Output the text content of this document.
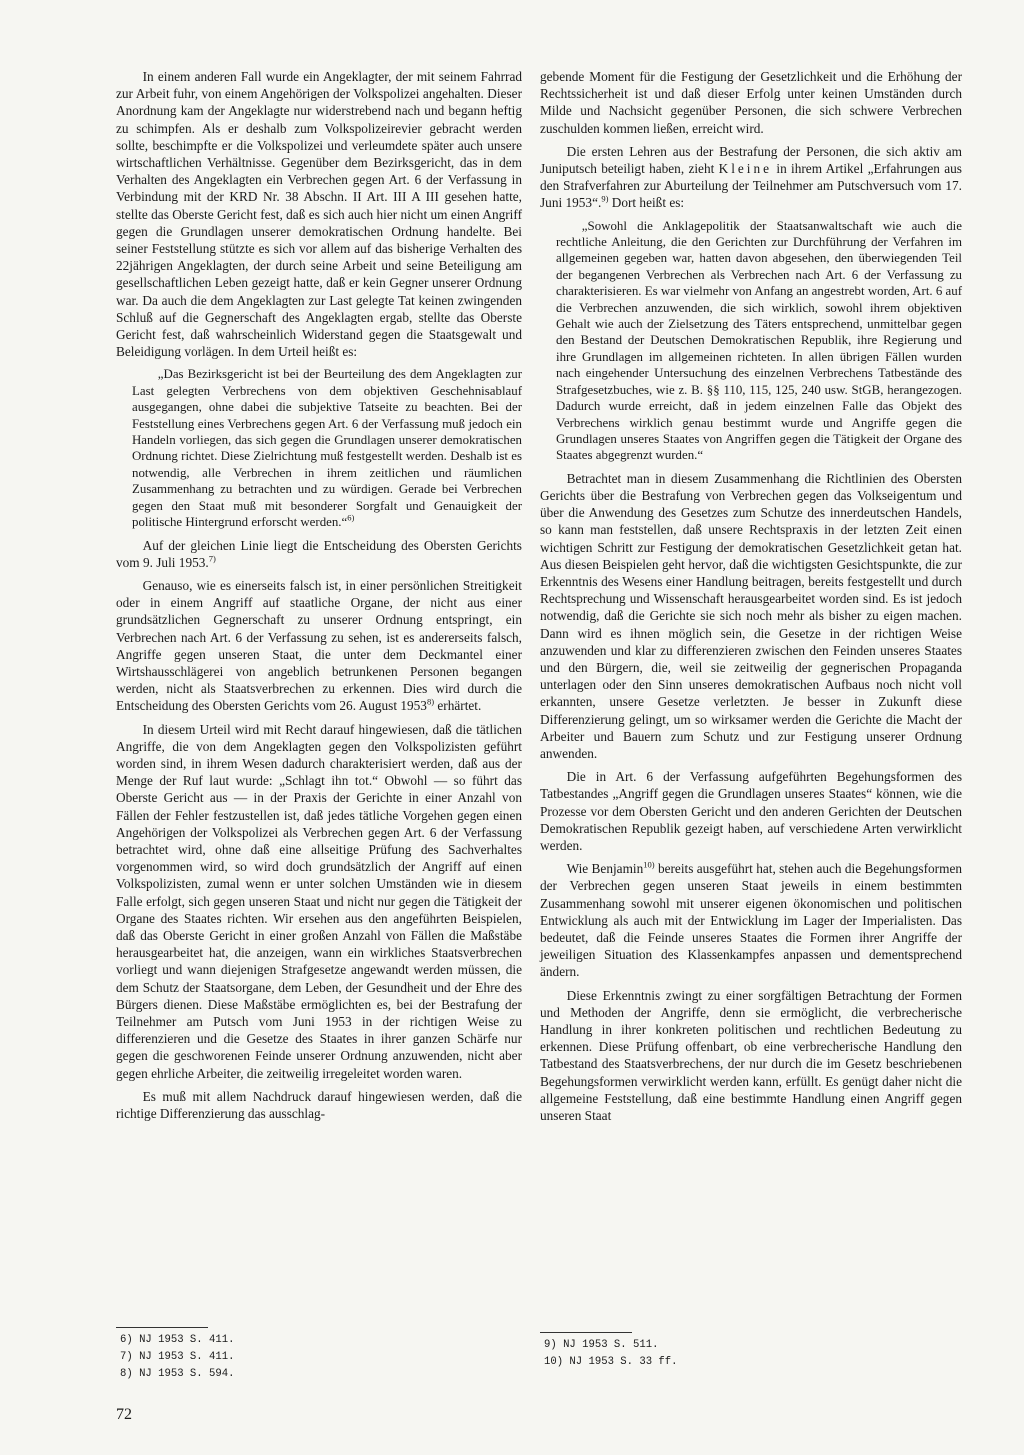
In einem anderen Fall wurde ein Angeklagter, der mit seinem Fahrrad zur Arbeit fuhr, von einem Angehörigen der Volkspolizei angehalten. Dieser Anordnung kam der Angeklagte nur widerstrebend nach und begann heftig zu schimpfen. Als er deshalb zum Volkspolizeirevier gebracht werden sollte, beschimpfte er die Volkspolizei und verleumdete später auch unsere wirtschaftlichen Verhältnisse. Gegenüber dem Bezirksgericht, das in dem Verhalten des Angeklagten ein Verbrechen gegen Art. 6 der Verfassung in Verbindung mit der KRD Nr. 38 Abschn. II Art. III A III gesehen hatte, stellte das Oberste Gericht fest, daß es sich auch hier nicht um einen Angriff gegen die Grundlagen unserer demokratischen Ordnung handelte. Bei seiner Feststellung stützte es sich vor allem auf das bisherige Verhalten des 22jährigen Angeklagten, der durch seine Arbeit und seine Beteiligung am gesellschaftlichen Leben gezeigt hatte, daß er kein Gegner unserer Ordnung war. Da auch die dem Angeklagten zur Last gelegte Tat keinen zwingenden Schluß auf die Gegnerschaft des Angeklagten ergab, stellte das Oberste Gericht fest, daß wahrscheinlich Widerstand gegen die Staatsgewalt und Beleidigung vorlägen. In dem Urteil heißt es:

„Das Bezirksgericht ist bei der Beurteilung des dem Angeklagten zur Last gelegten Verbrechens von dem objektiven Geschehnisablauf ausgegangen, ohne dabei die subjektive Tatseite zu beachten. Bei der Feststellung eines Verbrechens gegen Art. 6 der Verfassung muß jedoch ein Handeln vorliegen, das sich gegen die Grundlagen unserer demokratischen Ordnung richtet. Diese Zielrichtung muß festgestellt werden. Deshalb ist es notwendig, alle Verbrechen in ihrem zeitlichen und räumlichen Zusammenhang zu betrachten und zu würdigen. Gerade bei Verbrechen gegen den Staat muß mit besonderer Sorgfalt und Genauigkeit der politische Hintergrund erforscht werden.“$^{6)}$

Auf der gleichen Linie liegt die Entscheidung des Obersten Gerichts vom 9. Juli 1953.$^{7)}$

Genauso, wie es einerseits falsch ist, in einer persönlichen Streitigkeit oder in einem Angriff auf staatliche Organe, der nicht aus einer grundsätzlichen Gegnerschaft zu unserer Ordnung entspringt, ein Verbrechen nach Art. 6 der Verfassung zu sehen, ist es andererseits falsch, Angriffe gegen unseren Staat, die unter dem Deckmantel einer Wirtshausschlägerei von angeblich betrunkenen Personen begangen werden, nicht als Staatsverbrechen zu erkennen. Dies wird durch die Entscheidung des Obersten Gerichts vom 26. August 1953$^{8)}$ erhärtet.

In diesem Urteil wird mit Recht darauf hingewiesen, daß die tätlichen Angriffe, die von dem Angeklagten gegen den Volkspolizisten geführt worden sind, in ihrem Wesen dadurch charakterisiert werden, daß aus der Menge der Ruf laut wurde: „Schlagt ihn tot.“ Obwohl — so führt das Oberste Gericht aus — in der Praxis der Gerichte in einer Anzahl von Fällen der Fehler festzustellen ist, daß jedes tätliche Vorgehen gegen einen Angehörigen der Volkspolizei als Verbrechen gegen Art. 6 der Verfassung betrachtet wird, ohne daß eine allseitige Prüfung des Sachverhaltes vorgenommen wird, so wird doch grundsätzlich der Angriff auf einen Volkspolizisten, zumal wenn er unter solchen Umständen wie in diesem Falle erfolgt, sich gegen unseren Staat und nicht nur gegen die Tätigkeit der Organe des Staates richten. Wir ersehen aus den angeführten Beispielen, daß das Oberste Gericht in einer großen Anzahl von Fällen die Maßstäbe herausgearbeitet hat, die anzeigen, wann ein wirkliches Staatsverbrechen vorliegt und wann diejenigen Strafgesetze angewandt werden müssen, die dem Schutz der Staatsorgane, dem Leben, der Gesundheit und der Ehre des Bürgers dienen. Diese Maßstäbe ermöglichten es, bei der Bestrafung der Teilnehmer am Putsch vom Juni 1953 in der richtigen Weise zu differenzieren und die Gesetze des Staates in ihrer ganzen Schärfe nur gegen die geschworenen Feinde unserer Ordnung anzuwenden, nicht aber gegen ehrliche Arbeiter, die zeitweilig irregeleitet worden waren.

Es muß mit allem Nachdruck darauf hingewiesen werden, daß die richtige Differenzierung das ausschlag-

gebende Moment für die Festigung der Gesetzlichkeit und die Erhöhung der Rechtssicherheit ist und daß dieser Erfolg unter keinen Umständen durch Milde und Nachsicht gegenüber Personen, die sich schwere Verbrechen zuschulden kommen ließen, erreicht wird.

Die ersten Lehren aus der Bestrafung der Personen, die sich aktiv am Juniputsch beteiligt haben, zieht Kleine in ihrem Artikel „Erfahrungen aus den Strafverfahren zur Aburteilung der Teilnehmer am Putschversuch vom 17. Juni 1953“.$^{9)}$ Dort heißt es:

„Sowohl die Anklagepolitik der Staatsanwaltschaft wie auch die rechtliche Anleitung, die den Gerichten zur Durchführung der Verfahren im allgemeinen gegeben war, hatten davon abgesehen, den überwiegenden Teil der begangenen Verbrechen als Verbrechen nach Art. 6 der Verfassung zu charakterisieren. Es war vielmehr von Anfang an angestrebt worden, Art. 6 auf die Verbrechen anzuwenden, die sich wirklich, sowohl ihrem objektiven Gehalt wie auch der Zielsetzung des Täters entsprechend, unmittelbar gegen den Bestand der Deutschen Demokratischen Republik, ihre Regierung und ihre Grundlagen im allgemeinen richteten. In allen übrigen Fällen wurden nach eingehender Untersuchung des einzelnen Verbrechens Tatbestände des Strafgesetzbuches, wie z. B. §§ 110, 115, 125, 240 usw. StGB, herangezogen. Dadurch wurde erreicht, daß in jedem einzelnen Falle das Objekt des Verbrechens wirklich genau bestimmt wurde und Angriffe gegen die Grundlagen unseres Staates von Angriffen gegen die Tätigkeit der Organe des Staates abgegrenzt wurden.“

Betrachtet man in diesem Zusammenhang die Richtlinien des Obersten Gerichts über die Bestrafung von Verbrechen gegen das Volkseigentum und über die Anwendung des Gesetzes zum Schutze des innerdeutschen Handels, so kann man feststellen, daß unsere Rechtspraxis in der letzten Zeit einen wichtigen Schritt zur Festigung der demokratischen Gesetzlichkeit getan hat. Aus diesen Beispielen geht hervor, daß die wichtigsten Gesichtspunkte, die zur Erkenntnis des Wesens einer Handlung beitragen, bereits festgestellt und durch Rechtsprechung und Wissenschaft herausgearbeitet worden sind. Es ist jedoch notwendig, daß die Gerichte sie sich noch mehr als bisher zu eigen machen. Dann wird es ihnen möglich sein, die Gesetze in der richtigen Weise anzuwenden und klar zu differenzieren zwischen den Feinden unseres Staates und den Bürgern, die, weil sie zeitweilig der gegnerischen Propaganda unterlagen oder den Sinn unseres demokratischen Aufbaus noch nicht voll erkannten, unsere Gesetze verletzten. Je besser in Zukunft diese Differenzierung gelingt, um so wirksamer werden die Gerichte die Macht der Arbeiter und Bauern zum Schutz und zur Festigung unserer Ordnung anwenden.

Die in Art. 6 der Verfassung aufgeführten Begehungsformen des Tatbestandes „Angriff gegen die Grundlagen unseres Staates“ können, wie die Prozesse vor dem Obersten Gericht und den anderen Gerichten der Deutschen Demokratischen Republik gezeigt haben, auf verschiedene Arten verwirklicht werden.

Wie Benjamin$^{10)}$ bereits ausgeführt hat, stehen auch die Begehungsformen der Verbrechen gegen unseren Staat jeweils in einem bestimmten Zusammenhang sowohl mit unserer eigenen ökonomischen und politischen Entwicklung als auch mit der Entwicklung im Lager der Imperialisten. Das bedeutet, daß die Feinde unseres Staates die Formen ihrer Angriffe der jeweiligen Situation des Klassenkampfes anpassen und dementsprechend ändern.

Diese Erkenntnis zwingt zu einer sorgfältigen Betrachtung der Formen und Methoden der Angriffe, denn sie ermöglicht, die verbrecherische Handlung in ihrer konkreten politischen und rechtlichen Bedeutung zu erkennen. Diese Prüfung offenbart, ob eine verbrecherische Handlung den Tatbestand des Staatsverbrechens, der nur durch die im Gesetz beschriebenen Begehungsformen verwirklicht werden kann, erfüllt. Es genügt daher nicht die allgemeine Feststellung, daß eine bestimmte Handlung einen Angriff gegen unseren Staat

6) NJ 1953 S. 411.
7) NJ 1953 S. 411.
8) NJ 1953 S. 594.
9) NJ 1953 S. 511.
10) NJ 1953 S. 33 ff.
72
